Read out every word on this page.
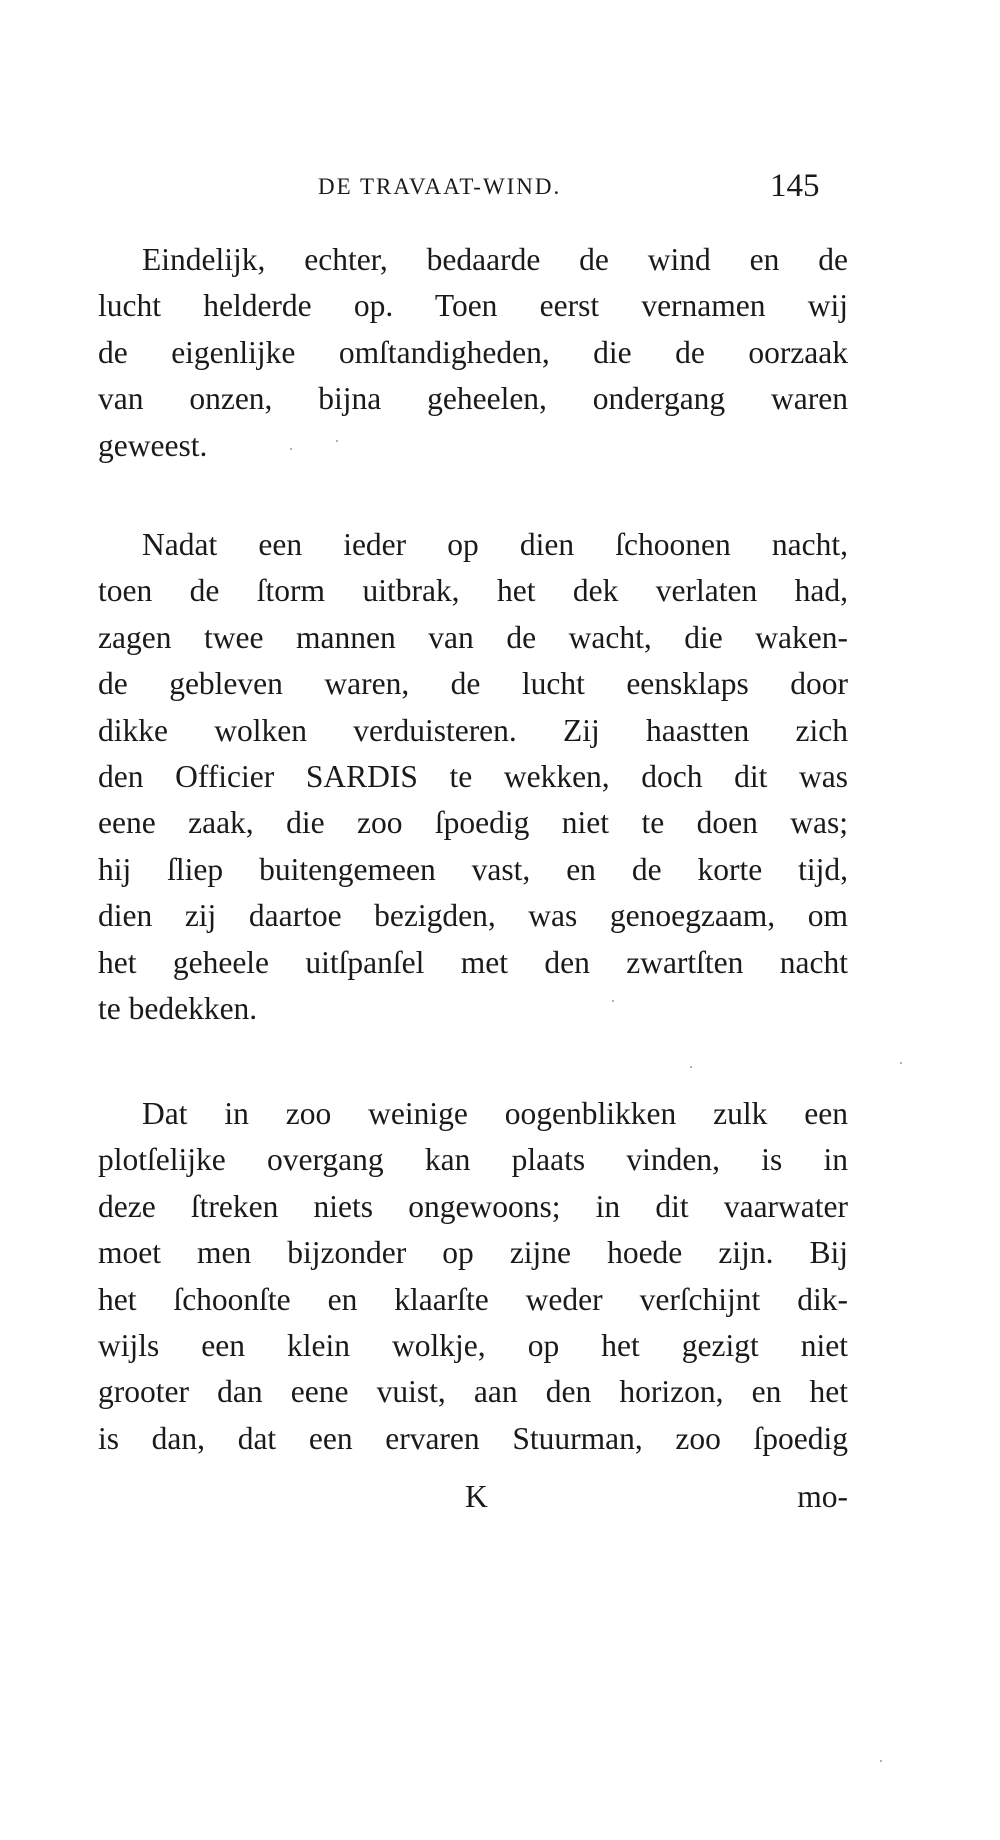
DE TRAVAAT-WIND.	145
Eindelijk, echter, bedaarde de wind en de
lucht helderde op. Toen eerst vernamen wij
de eigenlijke omſtandigheden, die de oorzaak
van onzen, bijna geheelen, ondergang waren
geweest.
Nadat een ieder op dien ſchoonen nacht,
toen de ſtorm uitbrak, het dek verlaten had,
zagen twee mannen van de wacht, die waken-
de gebleven waren, de lucht eensklaps door
dikke wolken verduisteren. Zij haastten zich
den Officier SARDIS te wekken, doch dit was
eene zaak, die zoo ſpoedig niet te doen was;
hij ſliep buitengemeen vast, en de korte tijd,
dien zij daartoe bezigden, was genoegzaam, om
het geheele uitſpanſel met den zwartſten nacht
te bedekken.
Dat in zoo weinige oogenblikken zulk een
plotſelijke overgang kan plaats vinden, is in
deze ſtreken niets ongewoons; in dit vaarwater
moet men bijzonder op zijne hoede zijn. Bij
het ſchoonſte en klaarſte weder verſchijnt dik-
wijls een klein wolkje, op het gezigt niet
grooter dan eene vuist, aan den horizon, en het
is dan, dat een ervaren Stuurman, zoo ſpoedig
K	mo-
